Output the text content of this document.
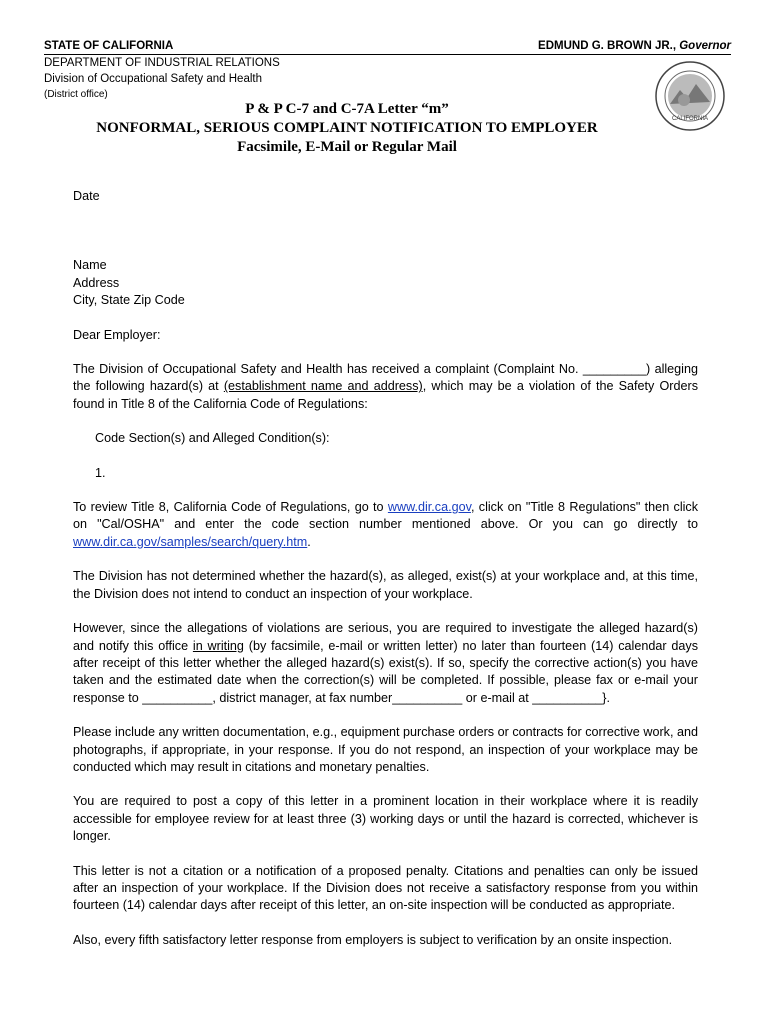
STATE OF CALIFORNIA	EDMUND G. BROWN JR., Governor
DEPARTMENT OF INDUSTRIAL RELATIONS
Division of Occupational Safety and Health
(District office)
CALIFORNIA
P & P C-7 and C-7A Letter “m”
NONFORMAL, SERIOUS COMPLAINT NOTIFICATION TO EMPLOYER
Facsimile, E-Mail or Regular Mail

Date

Name

Address

City, State Zip Code

Dear Employer:

The Division of Occupational Safety and Health has received a complaint (Complaint No. _________) alleging the following hazard(s) at (establishment name and address), which may be a violation of the Safety Orders found in Title 8 of the California Code of Regulations:

Code Section(s) and Alleged Condition(s):

1.

To review Title 8, California Code of Regulations, go to www.dir.ca.gov, click on "Title 8 Regulations" then click on "Cal/OSHA" and enter the code section number mentioned above. Or you can go directly to www.dir.ca.gov/samples/search/query.htm.

The Division has not determined whether the hazard(s), as alleged, exist(s) at your workplace and, at this time, the Division does not intend to conduct an inspection of your workplace.

However, since the allegations of violations are serious, you are required to investigate the alleged hazard(s) and notify this office in writing (by facsimile, e-mail or written letter) no later than fourteen (14) calendar days after receipt of this letter whether the alleged hazard(s) exist(s). If so, specify the corrective action(s) you have taken and the estimated date when the correction(s) will be completed. If possible, please fax or e-mail your response to __________, district manager, at fax number__________ or e-mail at __________}.

Please include any written documentation, e.g., equipment purchase orders or contracts for corrective work, and photographs, if appropriate, in your response. If you do not respond, an inspection of your workplace may be conducted which may result in citations and monetary penalties.

You are required to post a copy of this letter in a prominent location in their workplace where it is readily accessible for employee review for at least three (3) working days or until the hazard is corrected, whichever is longer.

This letter is not a citation or a notification of a proposed penalty. Citations and penalties can only be issued after an inspection of your workplace. If the Division does not receive a satisfactory response from you within fourteen (14) calendar days after receipt of this letter, an on-site inspection will be conducted as appropriate.

Also, every fifth satisfactory letter response from employers is subject to verification by an onsite inspection.
